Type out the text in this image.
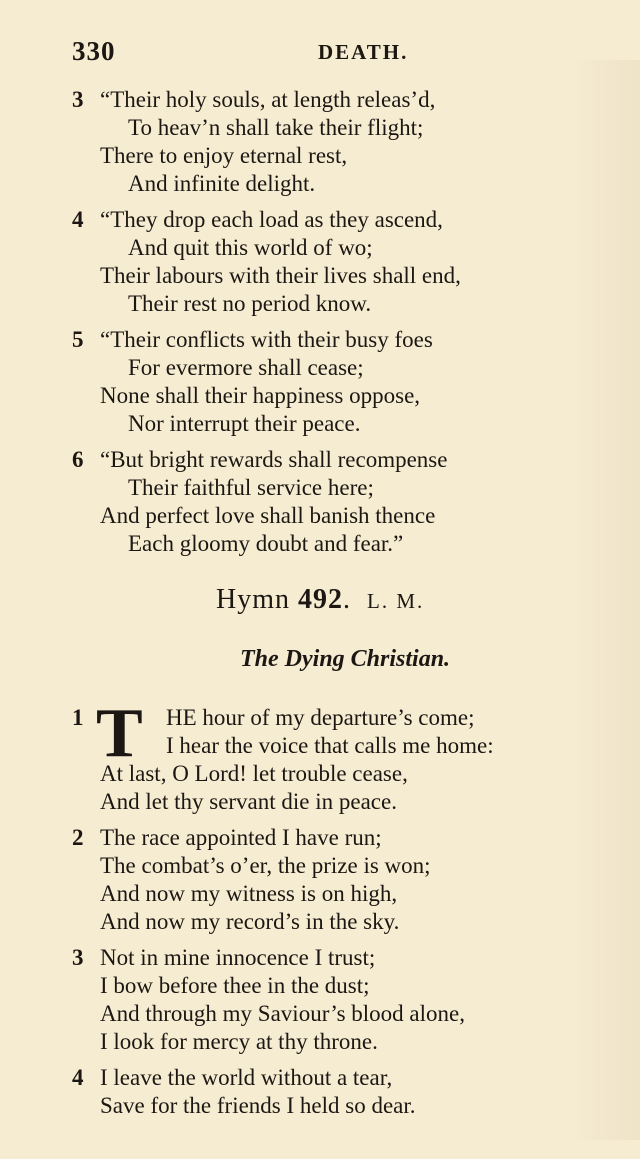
330	DEATH.
3 “Their holy souls, at length releas’d,
To heav’n shall take their flight;
There to enjoy eternal rest,
And infinite delight.
4 “They drop each load as they ascend,
And quit this world of wo;
Their labours with their lives shall end,
Their rest no period know.
5 “Their conflicts with their busy foes
For evermore shall cease;
None shall their happiness oppose,
Nor interrupt their peace.
6 “But bright rewards shall recompense
Their faithful service here;
And perfect love shall banish thence
Each gloomy doubt and fear.”
Hymn 492. L. M.
The Dying Christian.
1 T HE hour of my departure’s come;
I hear the voice that calls me home:
At last, O Lord! let trouble cease,
And let thy servant die in peace.
2 The race appointed I have run;
The combat’s o’er, the prize is won;
And now my witness is on high,
And now my record’s in the sky.
3 Not in mine innocence I trust;
I bow before thee in the dust;
And through my Saviour’s blood alone,
I look for mercy at thy throne.
4 I leave the world without a tear,
Save for the friends I held so dear.
